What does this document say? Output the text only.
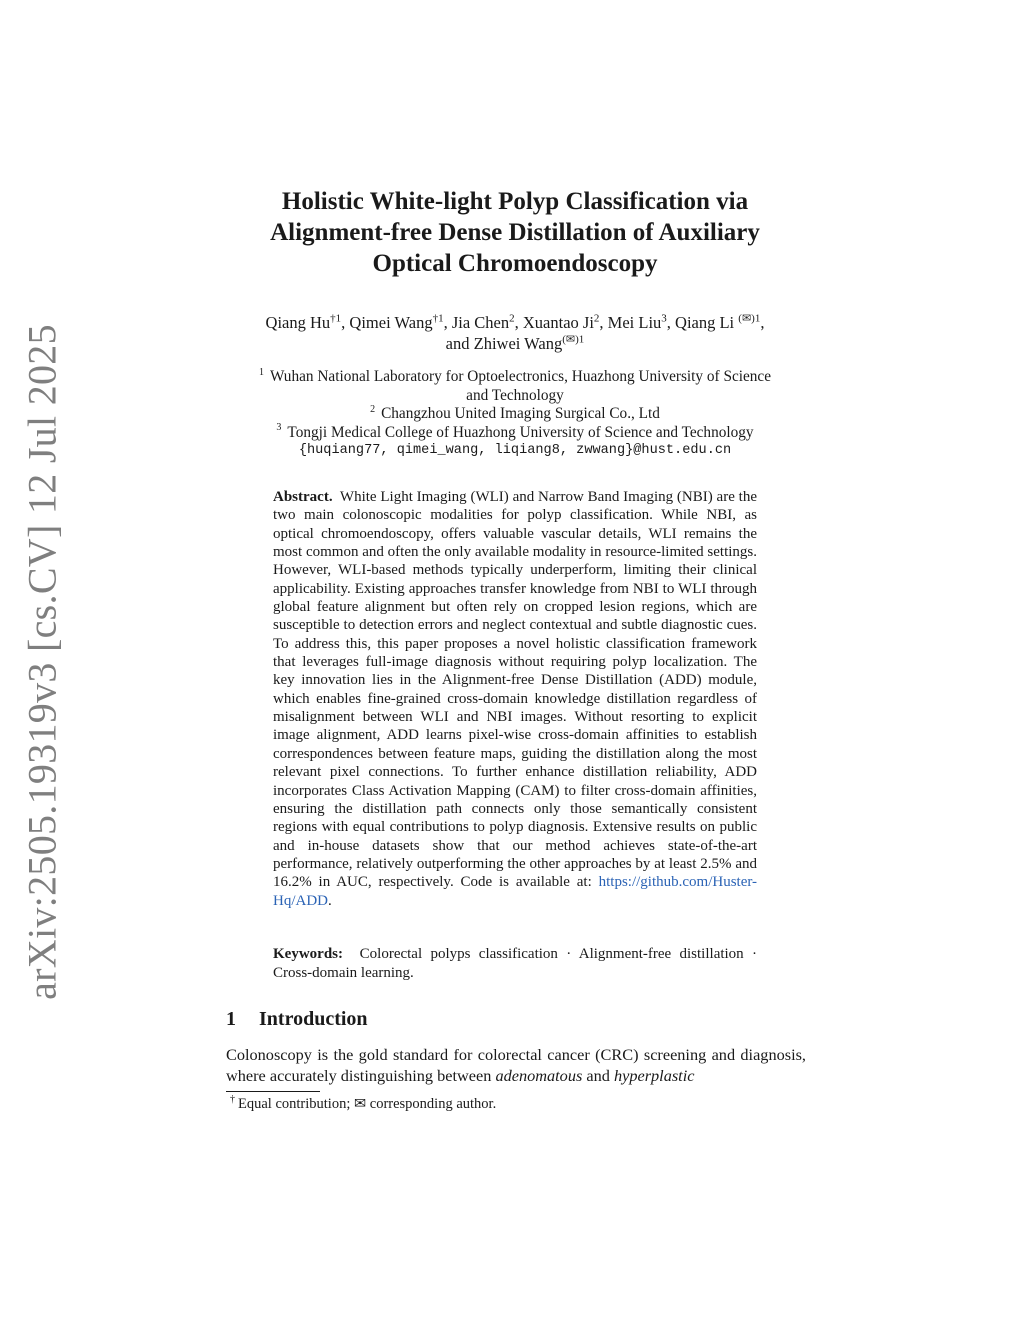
arXiv:2505.19319v3 [cs.CV] 12 Jul 2025
Holistic White-light Polyp Classification via
Alignment-free Dense Distillation of Auxiliary
Optical Chromoendoscopy
Qiang Hu$^{\dagger 1}$, Qimei Wang$^{\dagger 1}$, Jia Chen$^2$, Xuantao Ji$^2$, Mei Liu$^3$, Qiang Li $^{(✉)1}$,
and Zhiwei Wang$^{(✉)1}$
$^1$ Wuhan National Laboratory for Optoelectronics, Huazhong University of Science
and Technology
$^2$ Changzhou United Imaging Surgical Co., Ltd
$^3$ Tongji Medical College of Huazhong University of Science and Technology
{huqiang77, qimei_wang, liqiang8, zwwang}@hust.edu.cn
Abstract. White Light Imaging (WLI) and Narrow Band Imaging (NBI) are the two main colonoscopic modalities for polyp classification. While NBI, as optical chromoendoscopy, offers valuable vascular details, WLI remains the most common and often the only available modality in resource-limited settings. However, WLI-based methods typically underperform, limiting their clinical applicability. Existing approaches transfer knowledge from NBI to WLI through global feature alignment but often rely on cropped lesion regions, which are susceptible to detection errors and neglect contextual and subtle diagnostic cues. To address this, this paper proposes a novel holistic classification framework that leverages full-image diagnosis without requiring polyp localization. The key innovation lies in the Alignment-free Dense Distillation (ADD) module, which enables fine-grained cross-domain knowledge distillation regardless of misalignment between WLI and NBI images. Without resorting to explicit image alignment, ADD learns pixel-wise cross-domain affinities to establish correspondences between feature maps, guiding the distillation along the most relevant pixel connections. To further enhance distillation reliability, ADD incorporates Class Activation Mapping (CAM) to filter cross-domain affinities, ensuring the distillation path connects only those semantically consistent regions with equal contributions to polyp diagnosis. Extensive results on public and in-house datasets show that our method achieves state-of-the-art performance, relatively outperforming the other approaches by at least 2.5% and 16.2% in AUC, respectively. Code is available at: https://github.com/Huster-Hq/ADD.
Keywords: Colorectal polyps classification · Alignment-free distillation · Cross-domain learning.
1 Introduction
Colonoscopy is the gold standard for colorectal cancer (CRC) screening and diagnosis, where accurately distinguishing between adenomatous and hyperplastic
† Equal contribution; ✉ corresponding author.
